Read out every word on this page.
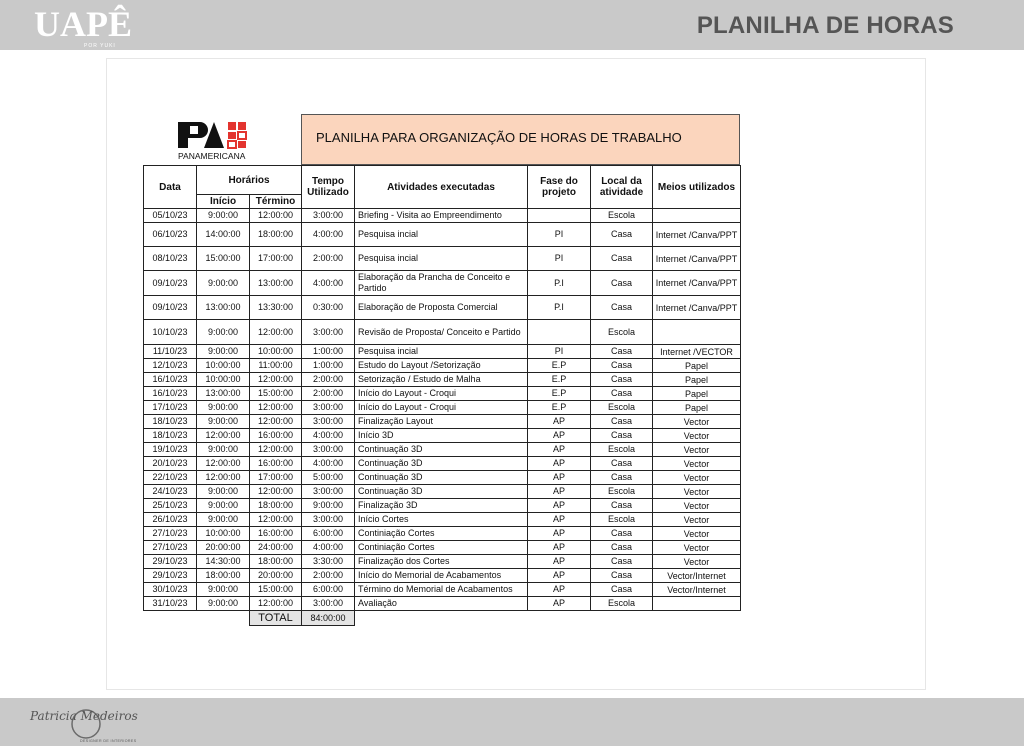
UAPÊ
POR YUKI
PLANILHA DE HORAS
PANAMERICANA
PLANILHA PARA ORGANIZAÇÃO DE HORAS DE TRABALHO
Data	Horários		Tempo Utilizado	Atividades executadas	Fase do projeto	Local da atividade	Meios utilizados
	Início	Término					
05/10/23	9:00:00	12:00:00	3:00:00	Briefing - Visita ao Empreendimento		Escola	
06/10/23	14:00:00	18:00:00	4:00:00	Pesquisa incial	PI	Casa	Internet /Canva/PPT
08/10/23	15:00:00	17:00:00	2:00:00	Pesquisa incial	PI	Casa	Internet /Canva/PPT
09/10/23	9:00:00	13:00:00	4:00:00	Elaboração da Prancha de Conceito e Partido	P.I	Casa	Internet /Canva/PPT
09/10/23	13:00:00	13:30:00	0:30:00	Elaboração de Proposta Comercial	P.I	Casa	Internet /Canva/PPT
10/10/23	9:00:00	12:00:00	3:00:00	Revisão de Proposta/ Conceito e Partido		Escola	
11/10/23	9:00:00	10:00:00	1:00:00	Pesquisa incial	PI	Casa	Internet /VECTOR
12/10/23	10:00:00	11:00:00	1:00:00	Estudo do Layout /Setorização	E.P	Casa	Papel
16/10/23	10:00:00	12:00:00	2:00:00	Setorização / Estudo de Malha	E.P	Casa	Papel
16/10/23	13:00:00	15:00:00	2:00:00	Início do Layout - Croqui	E.P	Casa	Papel
17/10/23	9:00:00	12:00:00	3:00:00	Início do Layout - Croqui	E.P	Escola	Papel
18/10/23	9:00:00	12:00:00	3:00:00	Finalização Layout	AP	Casa	Vector
18/10/23	12:00:00	16:00:00	4:00:00	Início 3D	AP	Casa	Vector
19/10/23	9:00:00	12:00:00	3:00:00	Continuação 3D	AP	Escola	Vector
20/10/23	12:00:00	16:00:00	4:00:00	Continuação 3D	AP	Casa	Vector
22/10/23	12:00:00	17:00:00	5:00:00	Continuação 3D	AP	Casa	Vector
24/10/23	9:00:00	12:00:00	3:00:00	Continuação 3D	AP	Escola	Vector
25/10/23	9:00:00	18:00:00	9:00:00	Finalização 3D	AP	Casa	Vector
26/10/23	9:00:00	12:00:00	3:00:00	Início Cortes	AP	Escola	Vector
27/10/23	10:00:00	16:00:00	6:00:00	Continiação Cortes	AP	Casa	Vector
27/10/23	20:00:00	24:00:00	4:00:00	Continiação Cortes	AP	Casa	Vector
29/10/23	14:30:00	18:00:00	3:30:00	Finalização dos Cortes	AP	Casa	Vector
29/10/23	18:00:00	20:00:00	2:00:00	Início do Memorial de Acabamentos	AP	Casa	Vector/Internet
30/10/23	9:00:00	15:00:00	6:00:00	Término do Memorial de Acabamentos	AP	Casa	Vector/Internet
31/10/23	9:00:00	12:00:00	3:00:00	Avaliação	AP	Escola	
		TOTAL	84:00:00				
Patricia Medeiros
DESIGNER DE INTERIORES
